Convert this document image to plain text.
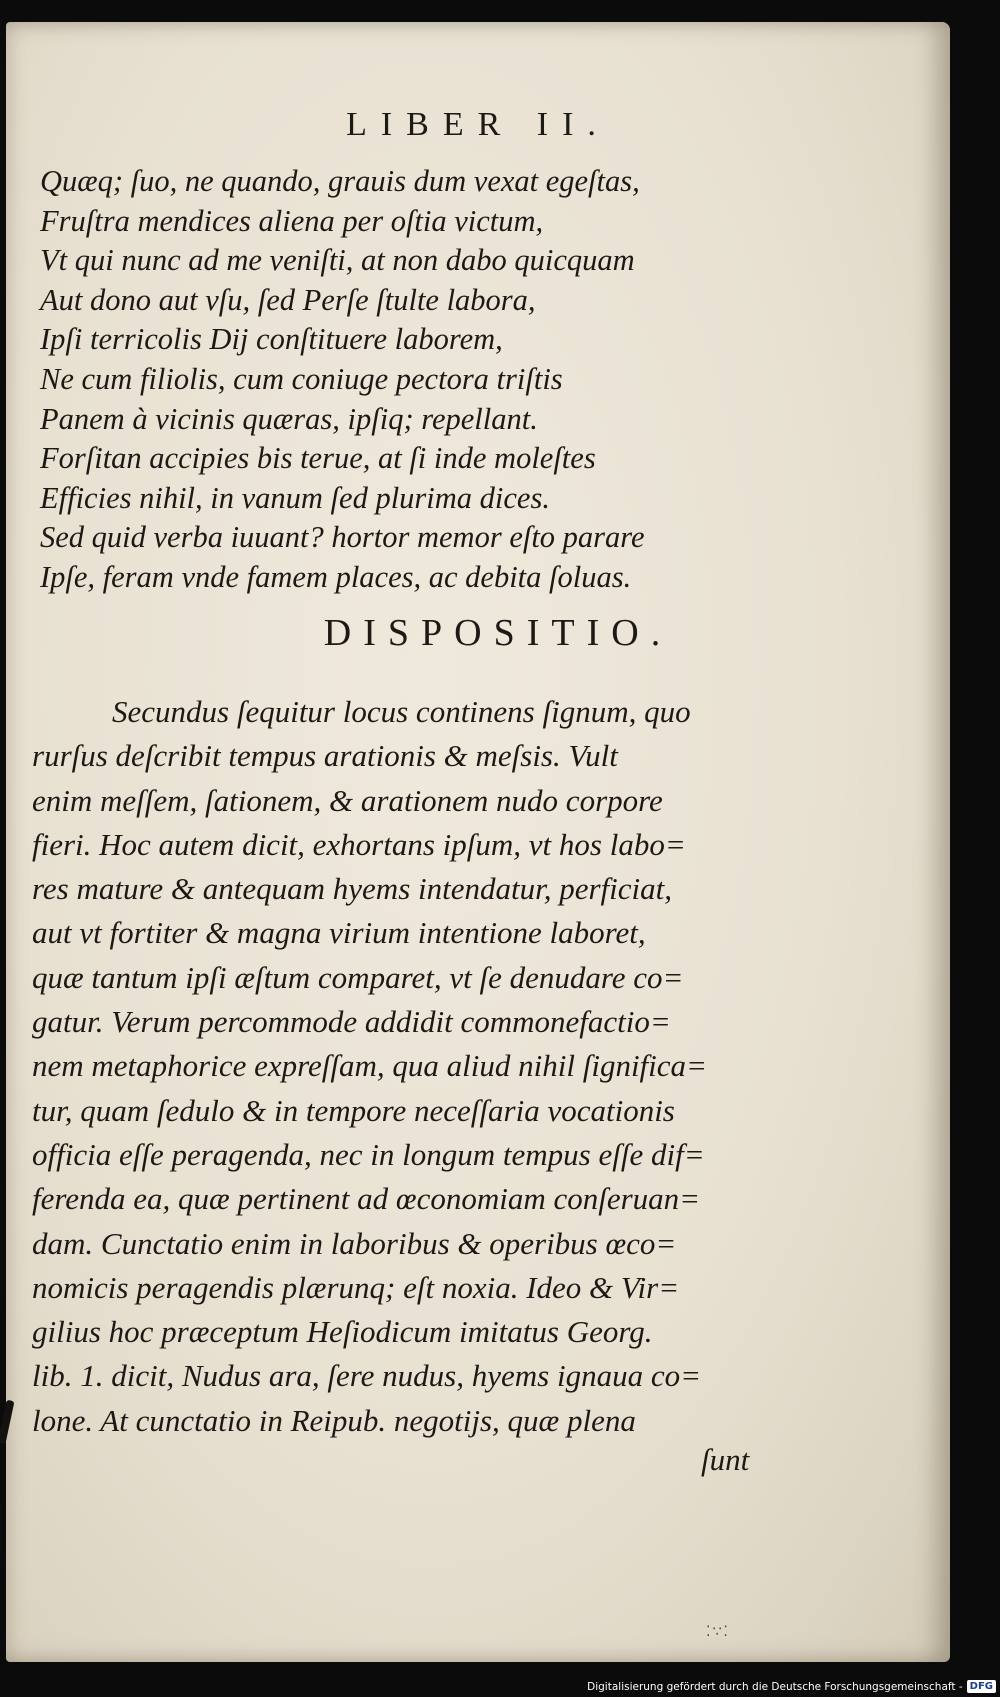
LIBER II.
Quæq; ſuo, ne quando, grauis dum vexat egeſtas,
Fruſtra mendices aliena per oſtia victum,
Vt qui nunc ad me veniſti, at non dabo quicquam
Aut dono aut vſu, ſed Perſe ſtulte labora,
Ipſi terricolis Dij conſtituere laborem,
Ne cum filiolis, cum coniuge pectora triſtis
Panem à vicinis quæras, ipſiq; repellant.
Forſitan accipies bis terue, at ſi inde moleſtes
Efficies nihil, in vanum ſed plurima dices.
Sed quid verba iuuant? hortor memor eſto parare
Ipſe, feram vnde famem places, ac debita ſoluas.
DISPOSITIO.
Secundus ſequitur locus continens ſignum, quo
rurſus deſcribit tempus arationis & meſsis. Vult
enim meſſem, ſationem, & arationem nudo corpore
fieri. Hoc autem dicit, exhortans ipſum, vt hos labo=
res mature & antequam hyems intendatur, perficiat,
aut vt fortiter & magna virium intentione laboret,
quæ tantum ipſi æſtum comparet, vt ſe denudare co=
gatur. Verum percommode addidit commonefactio=
nem metaphorice expreſſam, qua aliud nihil ſignifica=
tur, quam ſedulo & in tempore neceſſaria vocationis
officia eſſe peragenda, nec in longum tempus eſſe dif=
ferenda ea, quæ pertinent ad œconomiam conſeruan=
dam. Cunctatio enim in laboribus & operibus œco=
nomicis peragendis plærunq; eſt noxia. Ideo & Vir=
gilius hoc præceptum Heſiodicum imitatus Georg.
lib. 1. dicit, Nudus ara, ſere nudus, hyems ignaua co=
lone. At cunctatio in Reipub. negotijs, quæ plena
ſunt
⁚∵⁚
Digitalisierung gefördert durch die Deutsche Forschungsgemeinschaft - DFG
